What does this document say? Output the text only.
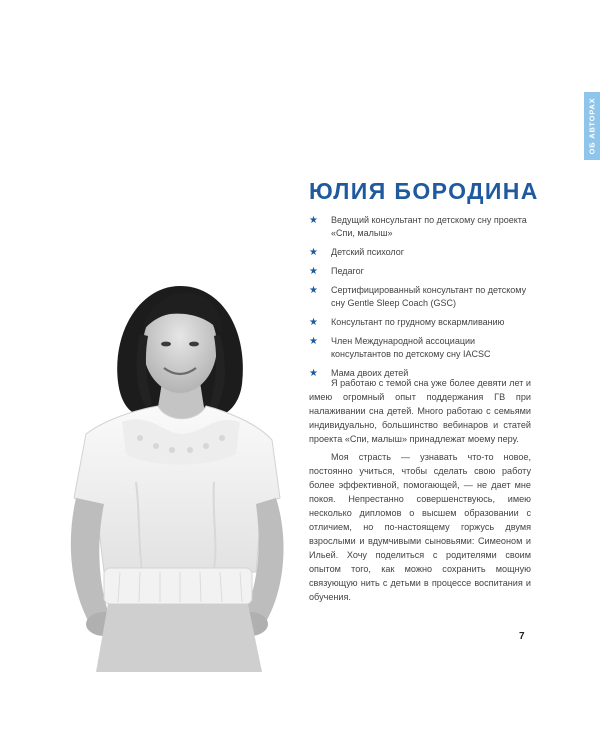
ОБ АВТОРАХ
ЮЛИЯ БОРОДИНА
★ Ведущий консультант по детскому сну проекта «Спи, малыш»
★ Детский психолог
★ Педагог
★ Сертифицированный консультант по детскому сну Gentle Sleep Coach (GSC)
★ Консультант по грудному вскармливанию
★ Член Международной ассоциации консультантов по детскому сну IACSC
★ Мама двоих детей

Я работаю с темой сна уже более девяти лет и имею огромный опыт поддержания ГВ при налаживании сна детей. Много работаю с семьями индивидуально, большинство вебинаров и статей проекта «Спи, малыш» принадлежат моему перу.

Моя страсть — узнавать что-то новое, постоянно учиться, чтобы сделать свою работу более эффективной, помогающей, — не дает мне покоя. Непрестанно совершенствуюсь, имею несколько дипломов о высшем образовании с отличием, но по-настоящему горжусь двумя взрослыми и вдумчивыми сыновьями: Симеоном и Ильей. Хочу поделиться с родителями своим опытом того, как можно сохранить мощную связующую нить с детьми в процессе воспитания и обучения.

7
